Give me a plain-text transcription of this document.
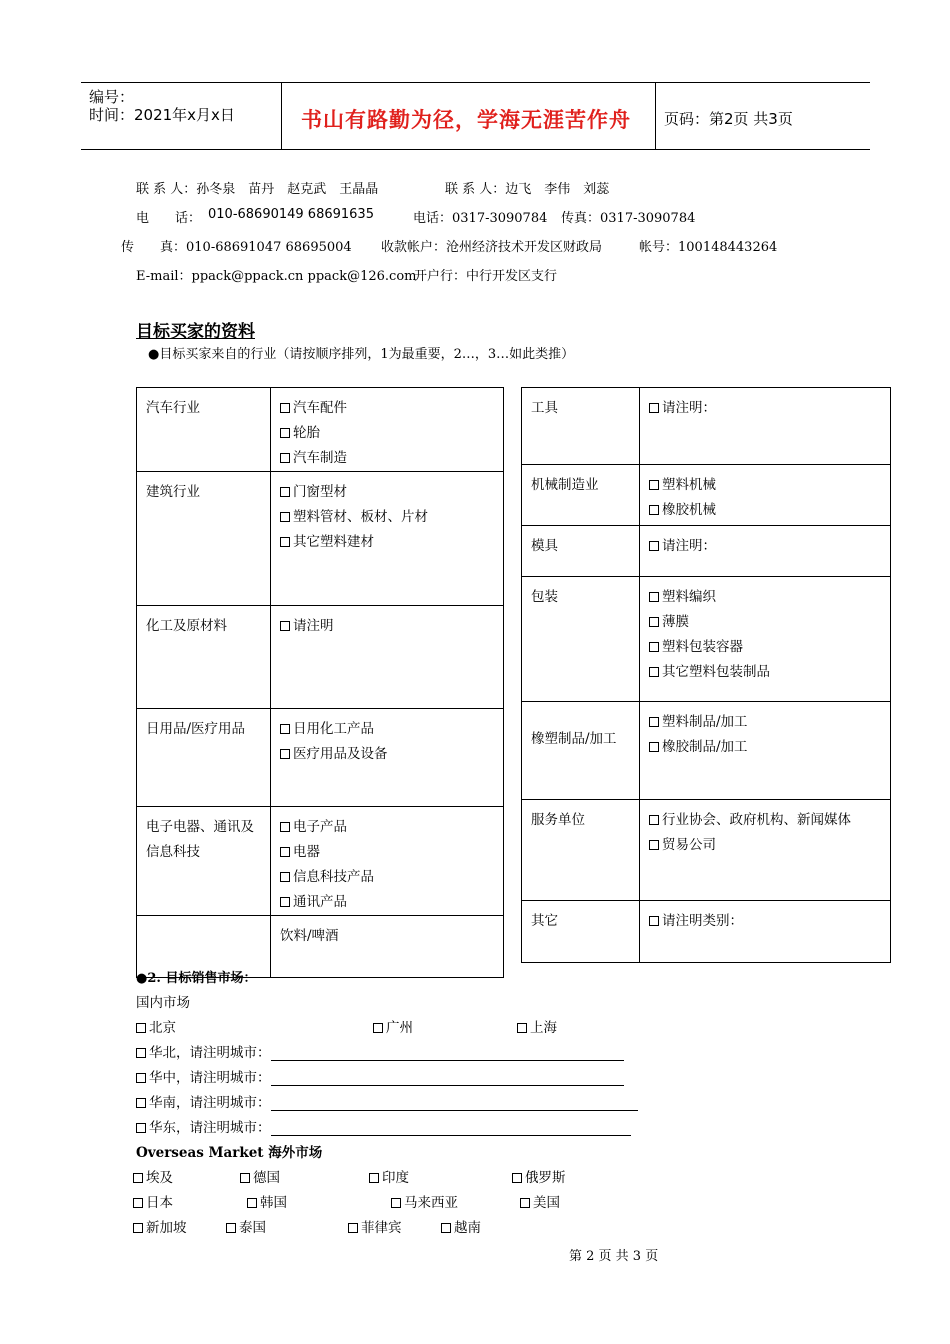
编号：
时间：2021年x月x日	书山有路勤为径，学海无涯苦作舟 页码：第2页 共3页
联 系 人：孙冬泉　苗丹　赵克武　王晶晶	联 系 人：边飞　李伟　刘蕊
电　　话： 010-68690149 68691635	电话：0317-3090784 传真：0317-3090784
传　　真：010-68691047 68695004 收款帐户：沧州经济技术开发区财政局	帐号：100148443264
E-mail：ppack@ppack.cn ppack@126.com
开户行：中行开发区支行
目标买家的资料
●目标买家来自的行业（请按顺序排列，1为最重要，2…，3…如此类推）
汽车行业	汽车配件
轮胎
汽车制造

建筑行业	门窗型材
塑料管材、板材、片材
其它塑料建材

化工及原材料	请注明

日用品/医疗用品	日用化工产品
医疗用品及设备

电子电器、通讯及信息科技	电子产品
电器
信息科技产品
通讯产品

	饮料/啤酒
工具	请注明：

机械制造业	塑料机械
橡胶机械

模具	请注明：

包装	塑料编织
薄膜
塑料包装容器
其它塑料包装制品

橡塑制品/加工	塑料制品/加工
橡胶制品/加工

服务单位	行业协会、政府机构、新闻媒体
贸易公司

其它	请注明类别：
●2. 目标销售市场：
国内市场
北京	广州	上海
华北，请注明城市：
华中，请注明城市：
华南，请注明城市：
华东，请注明城市：
Overseas Market 海外市场
埃及	德国	印度	俄罗斯
日本	韩国	马来西亚	美国
新加坡	泰国	菲律宾	越南
第 2 页 共 3 页
